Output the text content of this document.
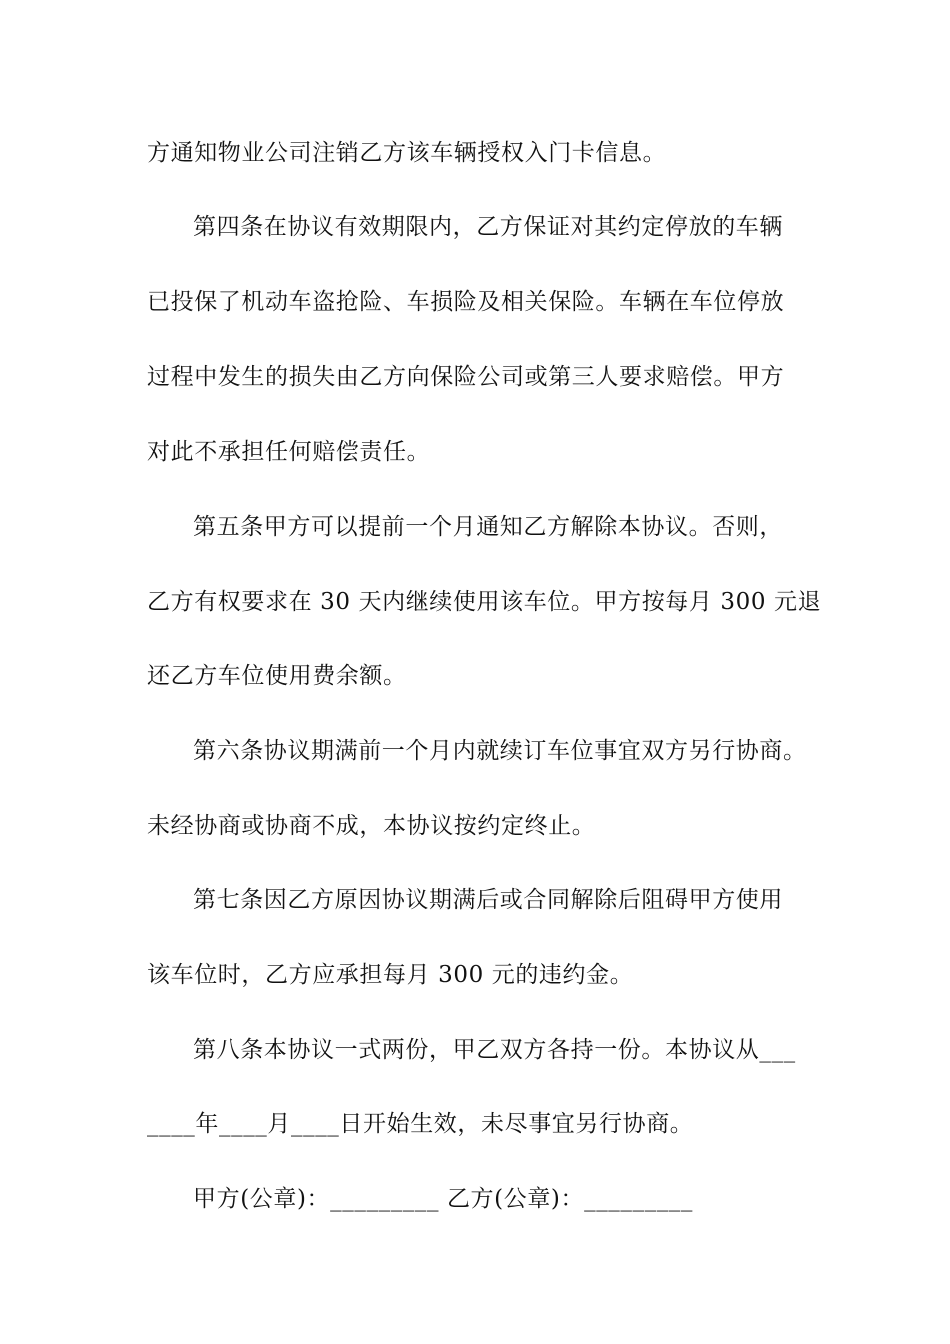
方通知物业公司注销乙方该车辆授权入门卡信息。
第四条在协议有效期限内，乙方保证对其约定停放的车辆
已投保了机动车盗抢险、车损险及相关保险。车辆在车位停放
过程中发生的损失由乙方向保险公司或第三人要求赔偿。甲方
对此不承担任何赔偿责任。
第五条甲方可以提前一个月通知乙方解除本协议。否则，
乙方有权要求在 30 天内继续使用该车位。甲方按每月 300 元退
还乙方车位使用费余额。
第六条协议期满前一个月内就续订车位事宜双方另行协商。
未经协商或协商不成，本协议按约定终止。
第七条因乙方原因协议期满后或合同解除后阻碍甲方使用
该车位时，乙方应承担每月 300 元的违约金。
第八条本协议一式两份，甲乙双方各持一份。本协议从___
____年____月____日开始生效，未尽事宜另行协商。
甲方(公章)：_________ 乙方(公章)：_________
